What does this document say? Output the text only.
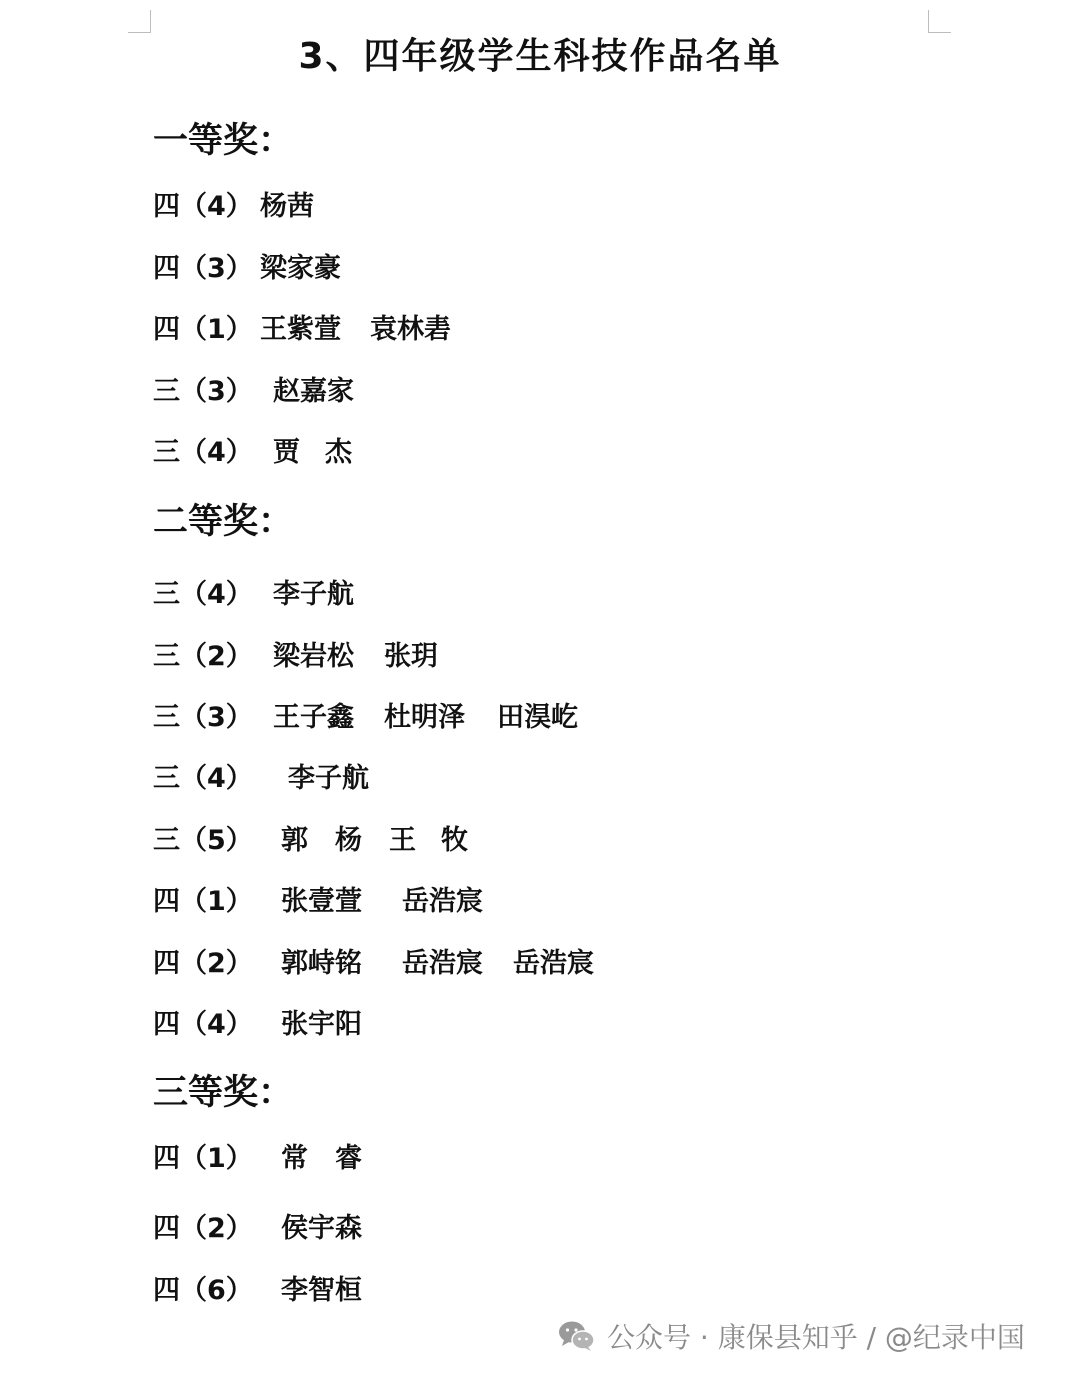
3、四年级学生科技作品名单
一等奖：
四（4） 杨茜
四（3） 梁家豪
四（1） 王紫萱 袁林砉
三（3） 赵嘉家
三（4） 贾 杰
二等奖：
三（4） 李子航
三（2） 梁岩松 张玥
三（3） 王子鑫 杜明泽 田淏屹
三（4） 李子航
三（5） 郭 杨 王 牧
四（1） 张壹萱 岳浩宸
四（2） 郭峙铭 岳浩宸 岳浩宸
四（4） 张宇阳
三等奖：
四（1） 常 睿
四（2） 侯宇森
四（6） 李智桓
公众号 · 康保县知乎 / @纪录中国
